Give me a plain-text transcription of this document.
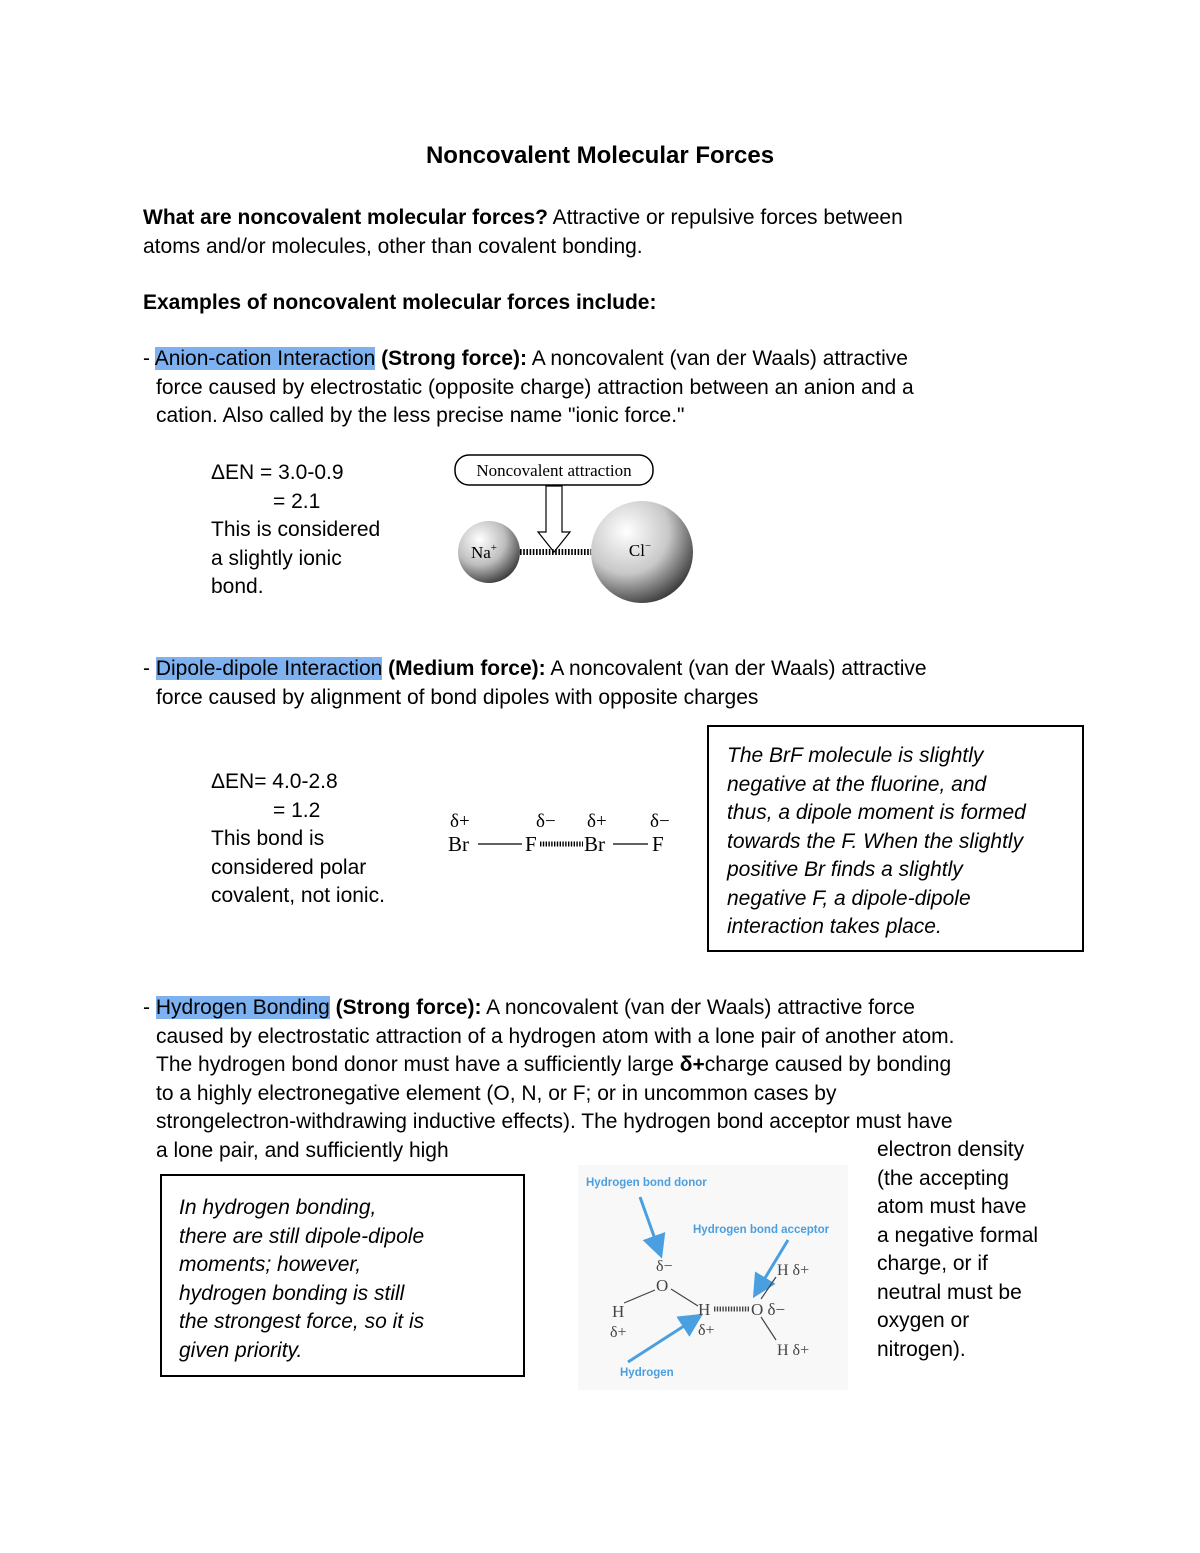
Noncovalent Molecular Forces
What are noncovalent molecular forces? Attractive or repulsive forces between
atoms and/or molecules, other than covalent bonding.
Examples of noncovalent molecular forces include:
- Anion-cation Interaction (Strong force): A noncovalent (van der Waals) attractive
force caused by electrostatic (opposite charge) attraction between an anion and a
cation. Also called by the less precise name "ionic force."
ΔEN = 3.0-0.9
= 2.1
This is considered
a slightly ionic
bond.
Noncovalent attraction
Na+	Cl−
- Dipole-dipole Interaction (Medium force): A noncovalent (van der Waals) attractive
force caused by alignment of bond dipoles with opposite charges
ΔEN= 4.0-2.8
= 1.2
This bond is
considered polar
covalent, not ionic.
δ+	δ− δ+ δ−
Br	F Br F
The BrF molecule is slightly
negative at the fluorine, and
thus, a dipole moment is formed
towards the F. When the slightly
positive Br finds a slightly
negative F, a dipole-dipole
interaction takes place.
- Hydrogen Bonding (Strong force): A noncovalent (van der Waals) attractive force
caused by electrostatic attraction of a hydrogen atom with a lone pair of another atom.
The hydrogen bond donor must have a sufficiently large δ+charge caused by bonding
to a highly electronegative element (O, N, or F; or in uncommon cases by
strongelectron-withdrawing inductive effects). The hydrogen bond acceptor must have
a lone pair, and sufficiently high	electron density
(the accepting
atom must have
a negative formal
charge, or if
neutral must be
oxygen or
nitrogen).
In hydrogen bonding,
there are still dipole-dipole
moments; however,
hydrogen bonding is still
the strongest force, so it is
given priority.
Hydrogen bond donor
Hydrogen bond acceptor
Hydrogen
δ−
O
H
δ+
H
δ+
O δ−
H δ+
H δ+
